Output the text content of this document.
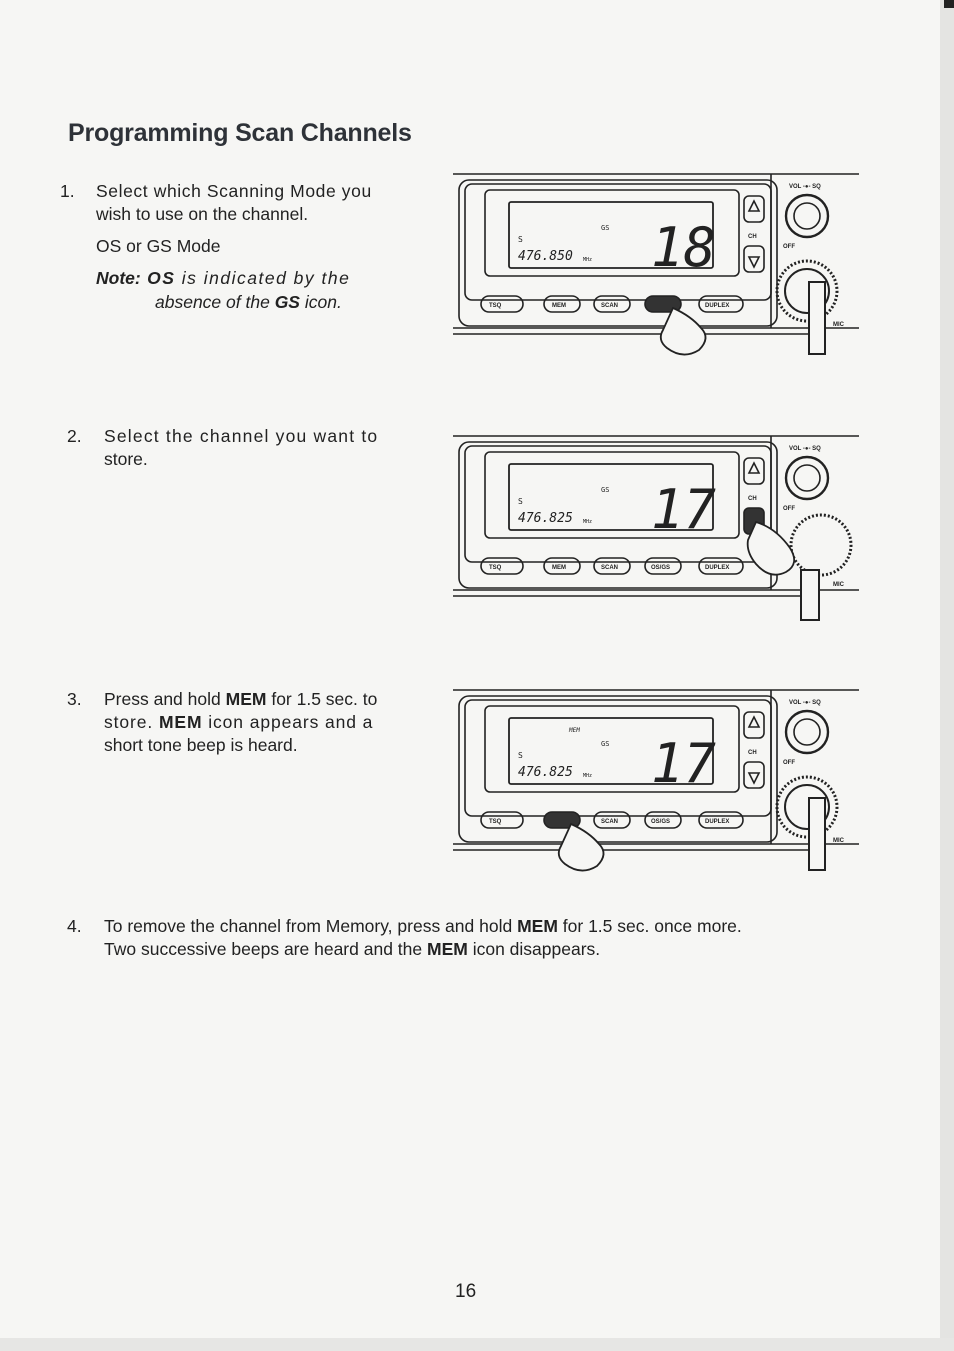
Programming Scan Channels
1. Select which Scanning Mode you
wish to use on the channel.
OS or GS Mode
Note: OS is indicated by the
absence of the GS icon.
2. Select the channel you want to
store.
3. Press and hold MEM for 1.5 sec. to
store. MEM icon appears and a
short tone beep is heard.
4. To remove the channel from Memory, press and hold MEM for 1.5 sec. once more.
Two successive beeps are heard and the MEM icon disappears.
S
GS
476.850 MHz 18
VOL -●- SQ
CH
OFF
MIC
TSQ	MEM	SCAN	DUPLEX
S
GS
476.825 MHz 17
VOL -●- SQ
CH
OFF
MIC
TSQ	MEM	SCAN	OS/GS	DUPLEX
MEM
S
GS
476.825 MHz 17
VOL -●- SQ
CH
OFF
MIC
TSQ	SCAN	OS/GS	DUPLEX
16
